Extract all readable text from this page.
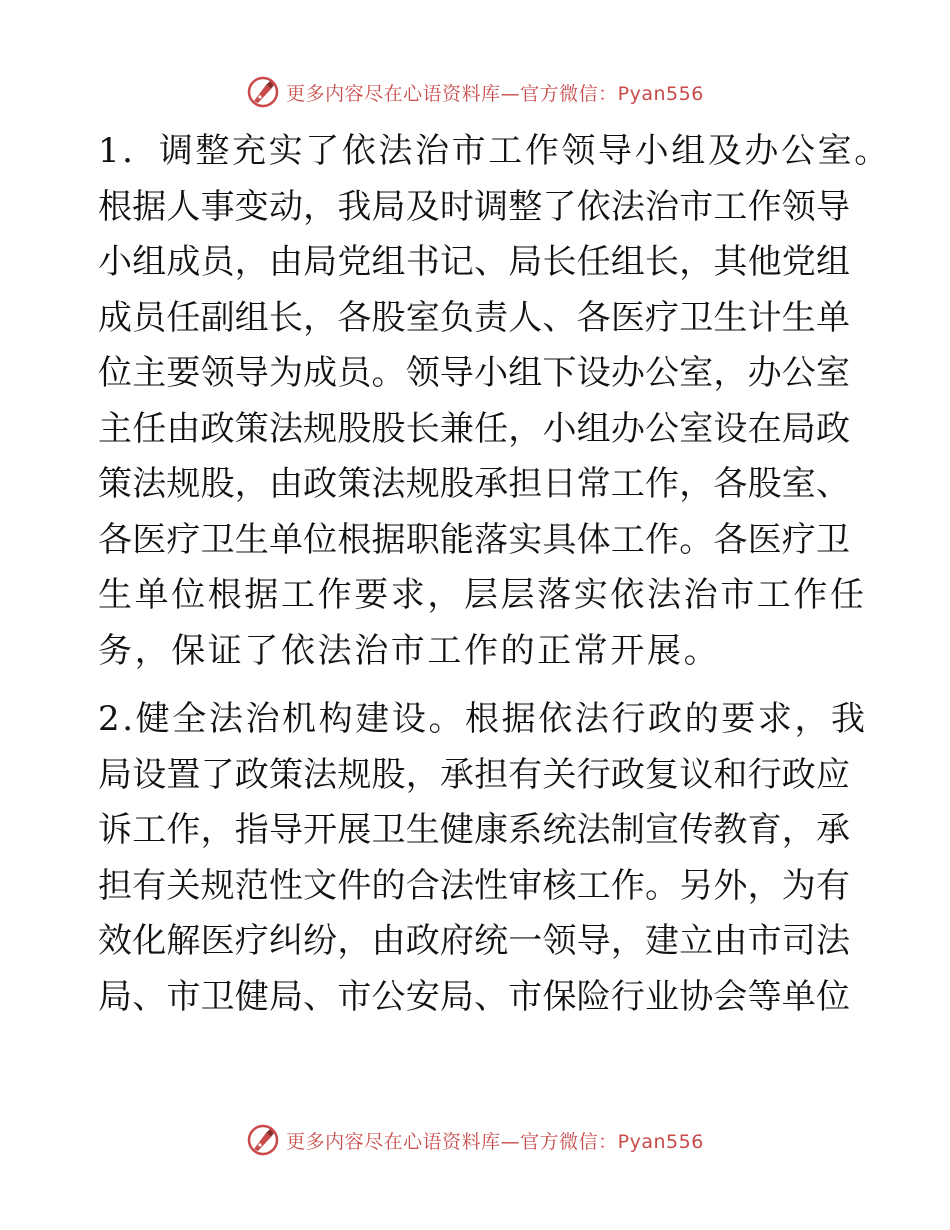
更多内容尽在心语资料库—官方微信：Pyan556
1．调整充实了依法治市工作领导小组及办公室。
根据人事变动，我局及时调整了依法治市工作领导
小组成员，由局党组书记、局长任组长，其他党组
成员任副组长，各股室负责人、各医疗卫生计生单
位主要领导为成员。领导小组下设办公室，办公室
主任由政策法规股股长兼任，小组办公室设在局政
策法规股，由政策法规股承担日常工作，各股室、
各医疗卫生单位根据职能落实具体工作。各医疗卫
生单位根据工作要求，层层落实依法治市工作任
务，保证了依法治市工作的正常开展。
2.健全法治机构建设。根据依法行政的要求，我
局设置了政策法规股，承担有关行政复议和行政应
诉工作，指导开展卫生健康系统法制宣传教育，承
担有关规范性文件的合法性审核工作。另外，为有
效化解医疗纠纷，由政府统一领导，建立由市司法
局、市卫健局、市公安局、市保险行业协会等单位
更多内容尽在心语资料库—官方微信：Pyan556
